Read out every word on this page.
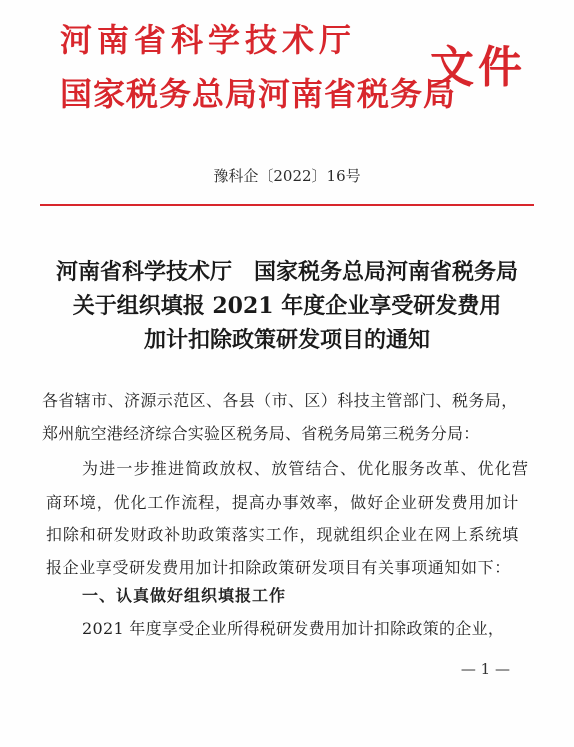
河南省科学技术厅
国家税务总局河南省税务局
文件
豫科企〔2022〕16号
河南省科学技术厅　国家税务总局河南省税务局
关于组织填报 2021 年度企业享受研发费用
加计扣除政策研发项目的通知
各省辖市、济源示范区、各县（市、区）科技主管部门、税务局，
郑州航空港经济综合实验区税务局、省税务局第三税务分局：
为进一步推进简政放权、放管结合、优化服务改革、优化营
商环境，优化工作流程，提高办事效率，做好企业研发费用加计
扣除和研发财政补助政策落实工作，现就组织企业在网上系统填
报企业享受研发费用加计扣除政策研发项目有关事项通知如下：
一、认真做好组织填报工作
2021 年度享受企业所得税研发费用加计扣除政策的企业，
— 1 —
